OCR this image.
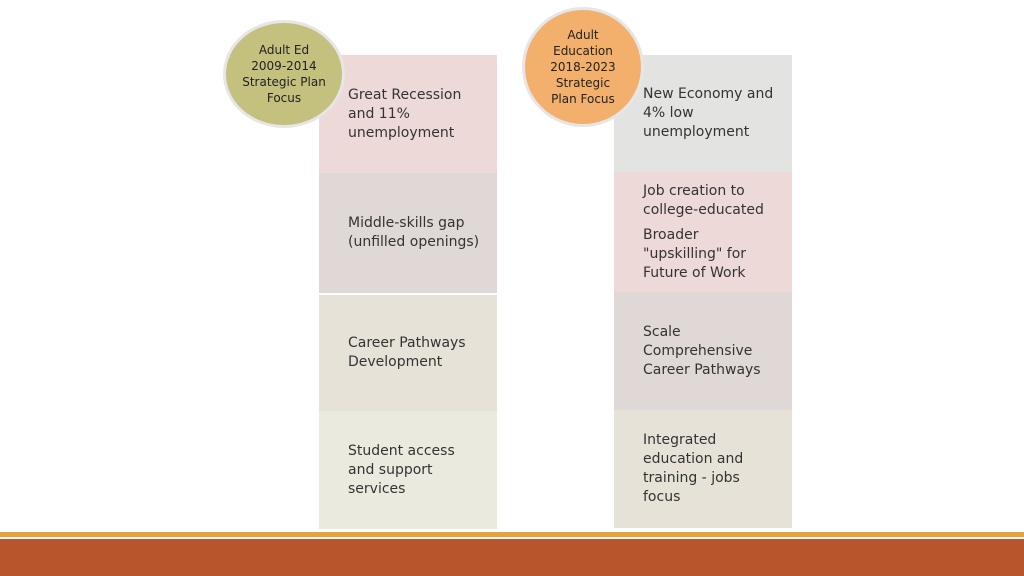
Great Recession and 11% unemployment

Middle-skills gap (unfilled openings)

Career Pathways Development

Student access and support services

New Economy and 4% low unemployment

Job creation to college-educated

Broader "upskilling" for Future of Work

Scale Comprehensive Career Pathways

Integrated education and training - jobs focus

Adult Ed
2009-2014
Strategic Plan
Focus
Adult
Education
2018-2023
Strategic
Plan Focus
